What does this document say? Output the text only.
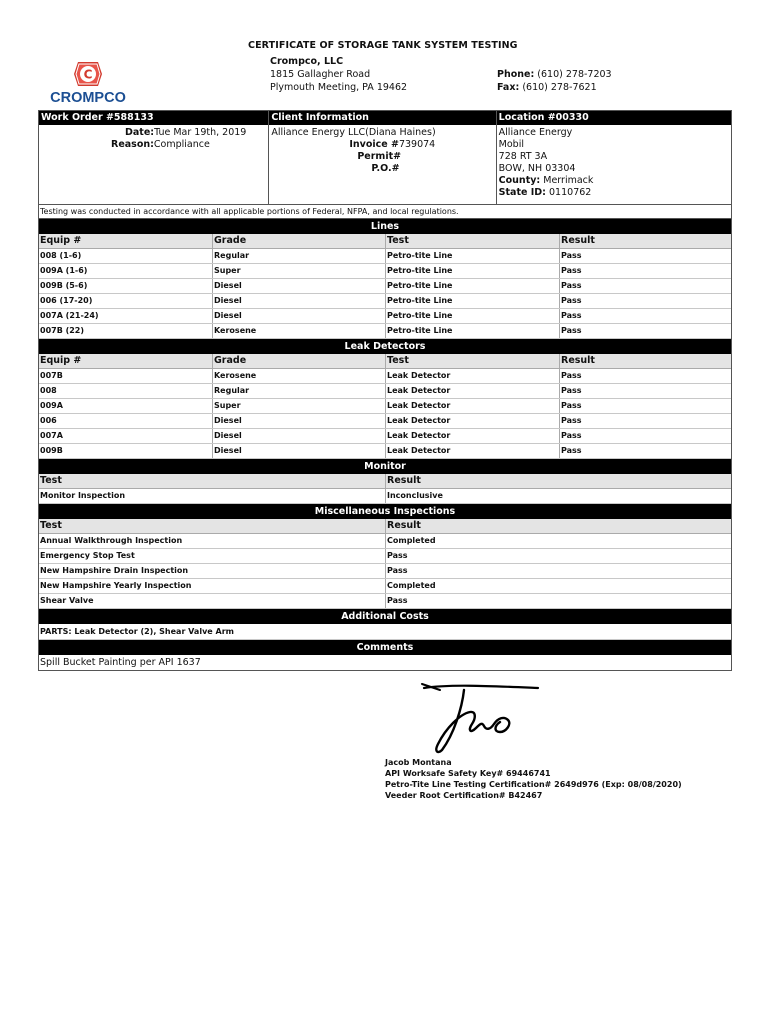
C
CROMPCO
CERTIFICATE OF STORAGE TANK SYSTEM TESTING
Crompco, LLC
1815 Gallagher Road
Plymouth Meeting, PA 19462
Phone: (610) 278-7203
Fax: (610) 278-7621
Work Order #588133
Date:Tue Mar 19th, 2019
Reason:Compliance
Client Information
Alliance Energy LLC(Diana Haines)
Invoice #739074
Permit#
P.O.#
Location #00330
Alliance Energy
Mobil
728 RT 3A
BOW, NH 03304
County: Merrimack
State ID: 0110762
Testing was conducted in accordance with all applicable portions of Federal, NFPA, and local regulations.
Lines
Equip #	Grade	Test	Result
008 (1-6)	Regular	Petro-tite Line	Pass
009A (1-6)	Super	Petro-tite Line	Pass
009B (5-6)	Diesel	Petro-tite Line	Pass
006 (17-20)	Diesel	Petro-tite Line	Pass
007A (21-24)	Diesel	Petro-tite Line	Pass
007B (22)	Kerosene	Petro-tite Line	Pass
Leak Detectors
Equip #	Grade	Test	Result
007B	Kerosene	Leak Detector	Pass
008	Regular	Leak Detector	Pass
009A	Super	Leak Detector	Pass
006	Diesel	Leak Detector	Pass
007A	Diesel	Leak Detector	Pass
009B	Diesel	Leak Detector	Pass
Monitor
Test	Result
Monitor Inspection	Inconclusive
Miscellaneous Inspections
Test	Result
Annual Walkthrough Inspection	Completed
Emergency Stop Test	Pass
New Hampshire Drain Inspection	Pass
New Hampshire Yearly Inspection	Completed
Shear Valve	Pass
Additional Costs
PARTS: Leak Detector (2), Shear Valve Arm
Comments
Spill Bucket Painting per API 1637
Jacob Montana
API Worksafe Safety Key# 69446741
Petro-Tite Line Testing Certification# 2649d976 (Exp: 08/08/2020)
Veeder Root Certification# B42467
